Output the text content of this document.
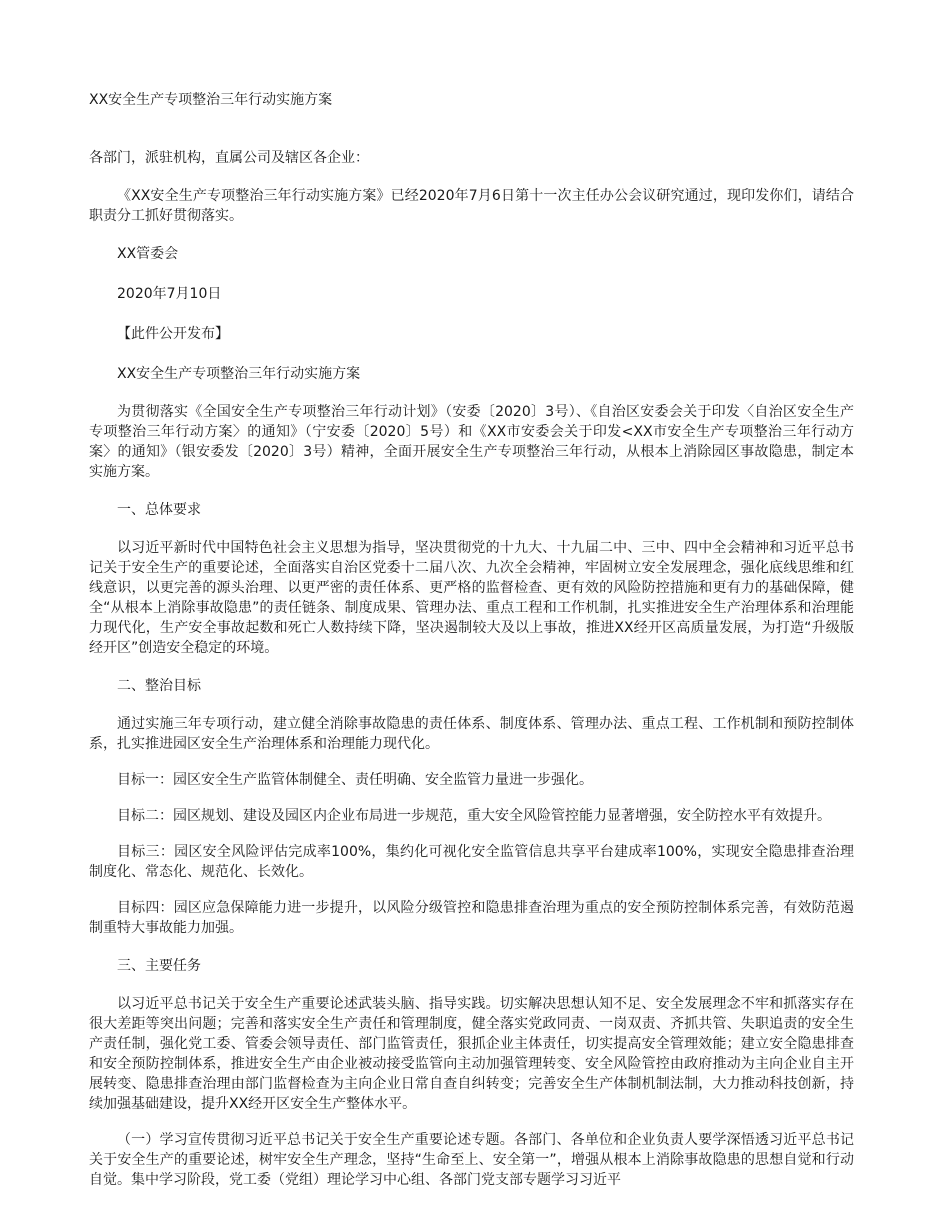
XX安全生产专项整治三年行动实施方案

各部门，派驻机构，直属公司及辖区各企业：

《XX安全生产专项整治三年行动实施方案》已经2020年7月6日第十一次主任办公会议研究通过，现印发你们，请结合职责分工抓好贯彻落实。

XX管委会

2020年7月10日

【此件公开发布】

XX安全生产专项整治三年行动实施方案

为贯彻落实《全国安全生产专项整治三年行动计划》（安委〔2020〕3号）、《自治区安委会关于印发〈自治区安全生产专项整治三年行动方案〉的通知》（宁安委〔2020〕5号）和《XX市安委会关于印发<XX市安全生产专项整治三年行动方案〉的通知》（银安委发〔2020〕3号）精神，全面开展安全生产专项整治三年行动，从根本上消除园区事故隐患，制定本实施方案。

一、总体要求

以习近平新时代中国特色社会主义思想为指导，坚决贯彻党的十九大、十九届二中、三中、四中全会精神和习近平总书记关于安全生产的重要论述，全面落实自治区党委十二届八次、九次全会精神，牢固树立安全发展理念，强化底线思维和红线意识，以更完善的源头治理、以更严密的责任体系、更严格的监督检查、更有效的风险防控措施和更有力的基础保障，健全“从根本上消除事故隐患”的责任链条、制度成果、管理办法、重点工程和工作机制，扎实推进安全生产治理体系和治理能力现代化，生产安全事故起数和死亡人数持续下降，坚决遏制较大及以上事故，推进XX经开区高质量发展，为打造“升级版经开区”创造安全稳定的环境。

二、整治目标

通过实施三年专项行动，建立健全消除事故隐患的责任体系、制度体系、管理办法、重点工程、工作机制和预防控制体系，扎实推进园区安全生产治理体系和治理能力现代化。

目标一：园区安全生产监管体制健全、责任明确、安全监管力量进一步强化。

目标二：园区规划、建设及园区内企业布局进一步规范，重大安全风险管控能力显著增强，安全防控水平有效提升。

目标三：园区安全风险评估完成率100%，集约化可视化安全监管信息共享平台建成率100%，实现安全隐患排查治理制度化、常态化、规范化、长效化。

目标四：园区应急保障能力进一步提升，以风险分级管控和隐患排查治理为重点的安全预防控制体系完善，有效防范遏制重特大事故能力加强。

三、主要任务

以习近平总书记关于安全生产重要论述武装头脑、指导实践。切实解决思想认知不足、安全发展理念不牢和抓落实存在很大差距等突出问题；完善和落实安全生产责任和管理制度，健全落实党政同责、一岗双责、齐抓共管、失职追责的安全生产责任制，强化党工委、管委会领导责任、部门监管责任，狠抓企业主体责任，切实提高安全管理效能；建立安全隐患排查和安全预防控制体系，推进安全生产由企业被动接受监管向主动加强管理转变、安全风险管控由政府推动为主向企业自主开展转变、隐患排查治理由部门监督检查为主向企业日常自查自纠转变；完善安全生产体制机制法制，大力推动科技创新，持续加强基础建设，提升XX经开区安全生产整体水平。

（一）学习宣传贯彻习近平总书记关于安全生产重要论述专题。各部门、各单位和企业负责人要学深悟透习近平总书记关于安全生产的重要论述，树牢安全生产理念，坚持“生命至上、安全第一”，增强从根本上消除事故隐患的思想自觉和行动自觉。集中学习阶段，党工委（党组）理论学习中心组、各部门党支部专题学习习近平
